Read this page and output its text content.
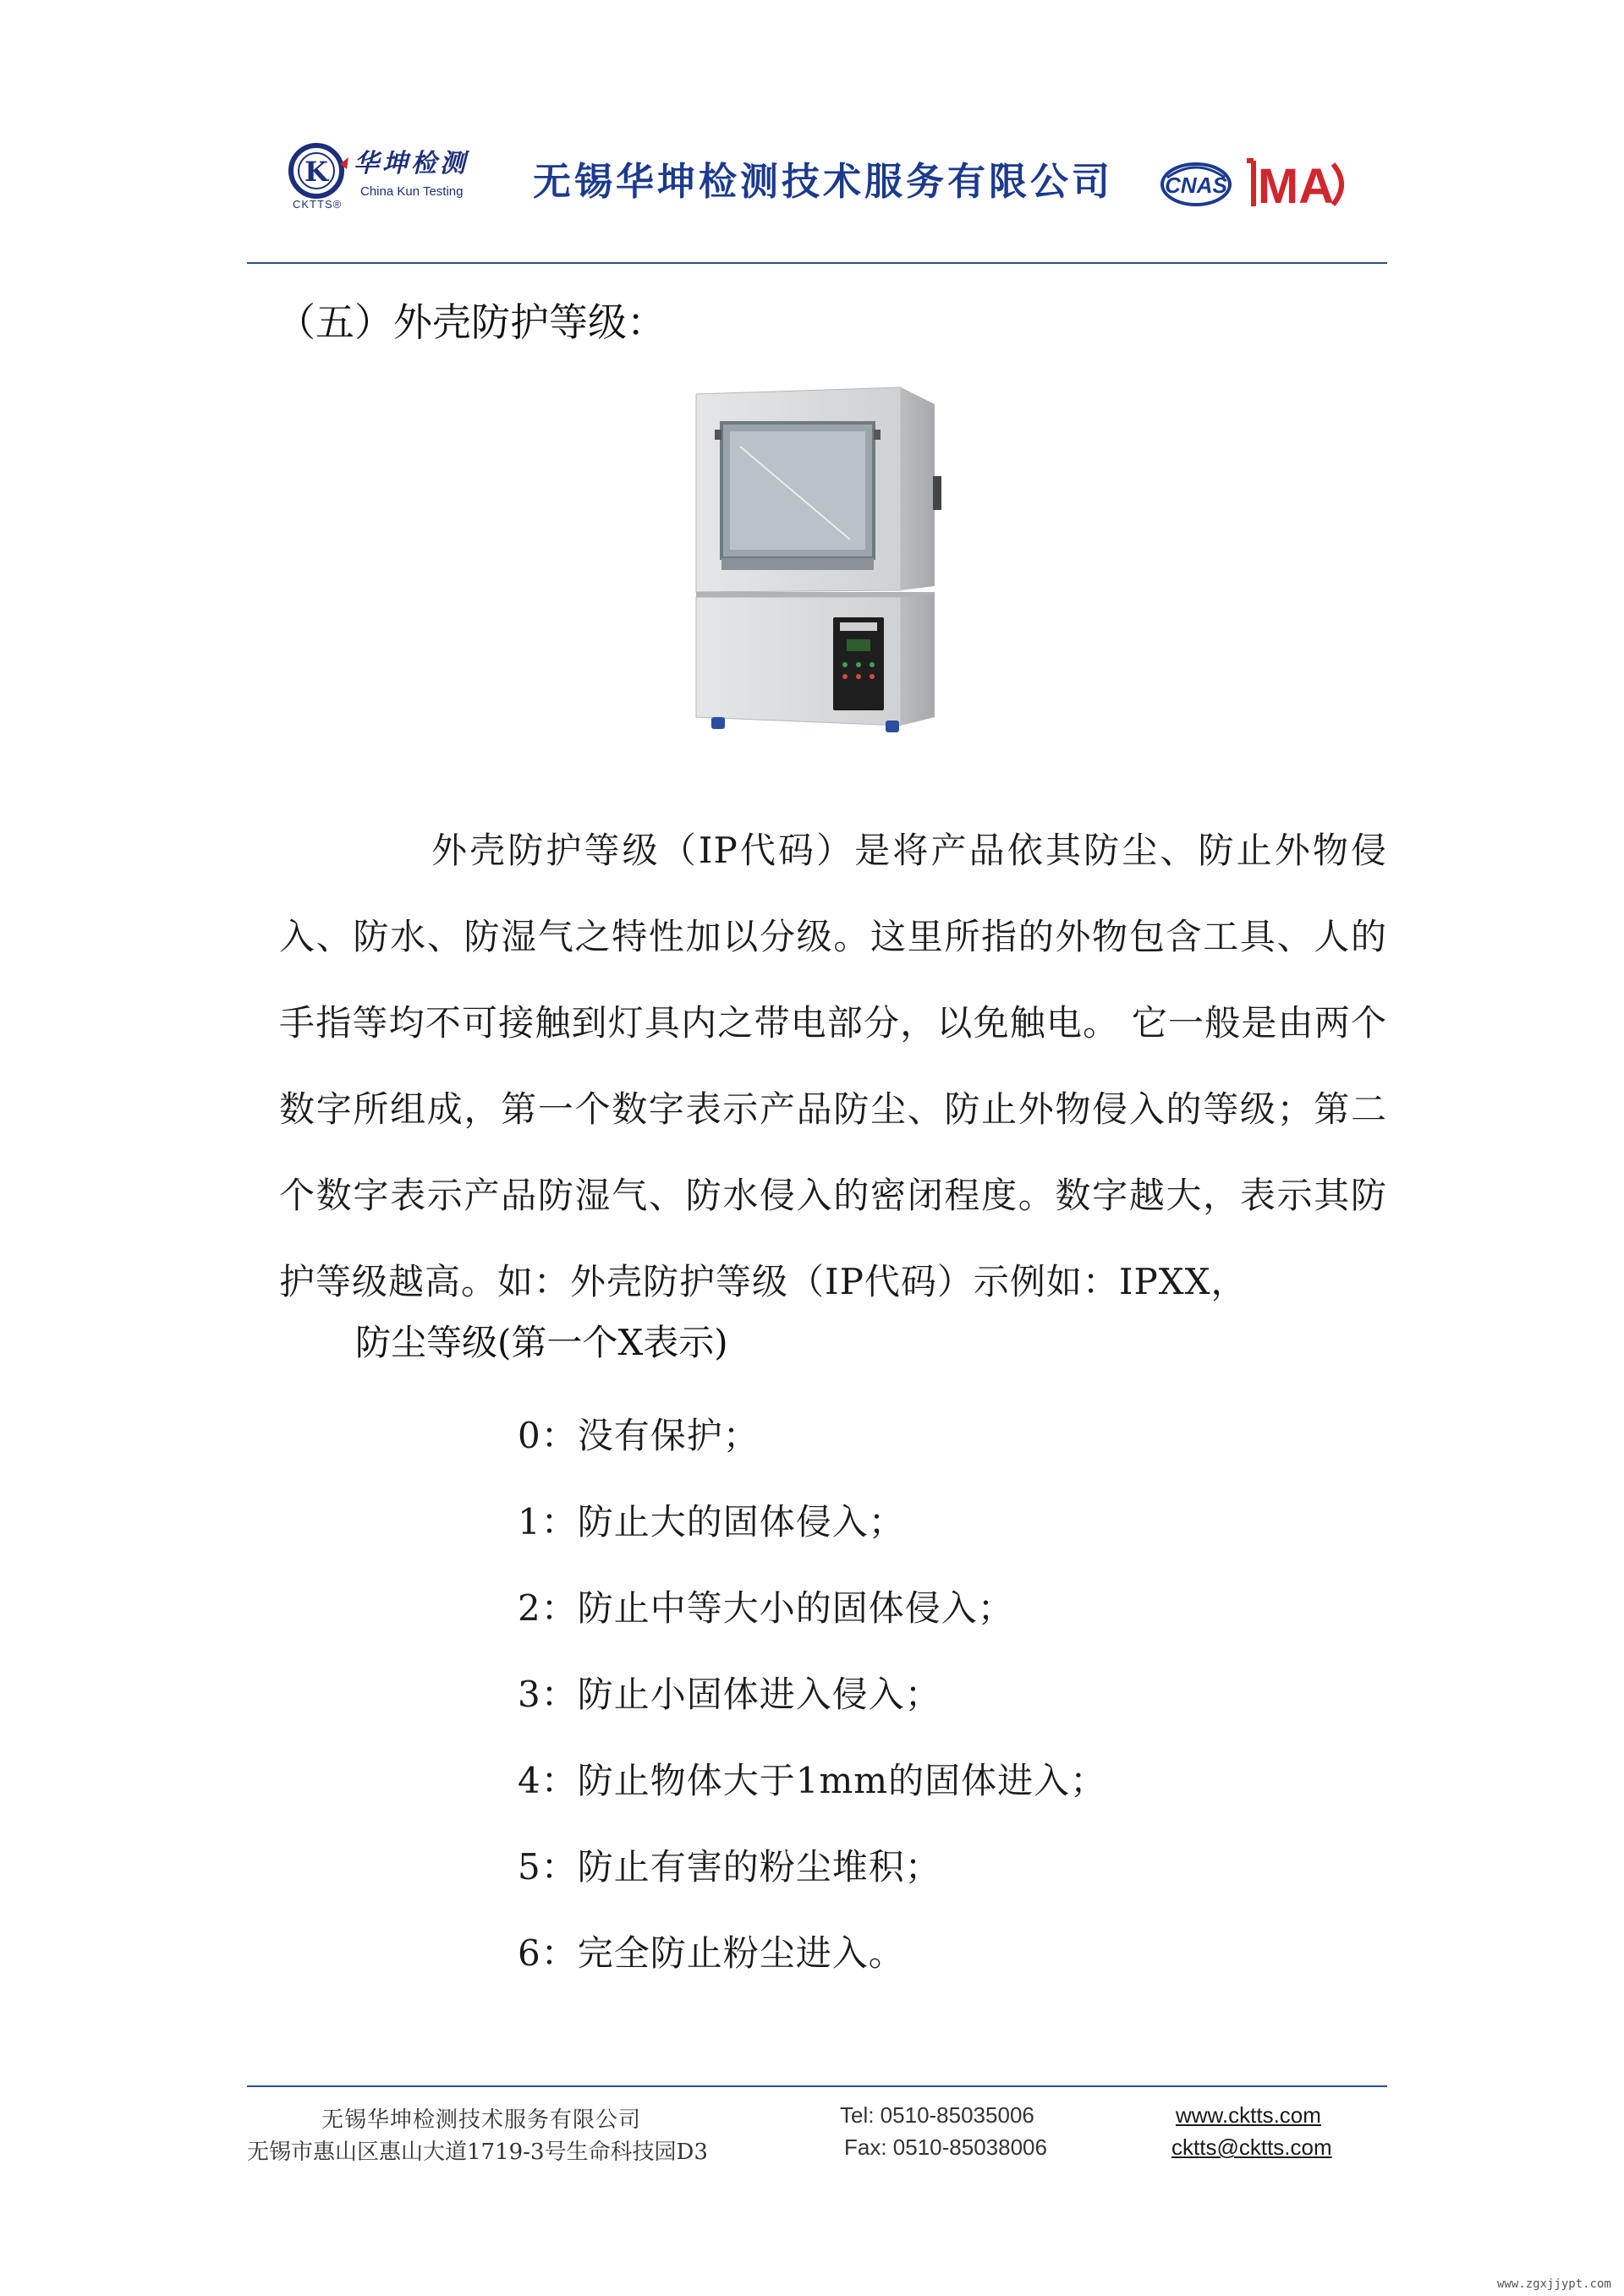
K 华坤检测
China Kun Testing
CKTTS®
无锡华坤检测技术服务有限公司 CNAS MA
（五）外壳防护等级：
外壳防护等级（IP代码）是将产品依其防尘、防止外物侵入、防水、防湿气之特性加以分级。这里所指的外物包含工具、人的手指等均不可接触到灯具内之带电部分，以免触电。 它一般是由两个数字所组成，第一个数字表示产品防尘、防止外物侵入的等级；第二个数字表示产品防湿气、防水侵入的密闭程度。数字越大，表示其防护等级越高。如：外壳防护等级（IP代码）示例如：IPXX，
防尘等级(第一个X表示)
0：没有保护；
1：防止大的固体侵入；
2：防止中等大小的固体侵入；
3：防止小固体进入侵入；
4：防止物体大于1mm的固体进入；
5：防止有害的粉尘堆积；
6：完全防止粉尘进入。
无锡华坤检测技术服务有限公司
无锡市惠山区惠山大道1719-3号生命科技园D3
Tel: 0510-85035006
Fax: 0510-85038006
www.cktts.com
cktts@cktts.com
www.zgxjjypt.com
